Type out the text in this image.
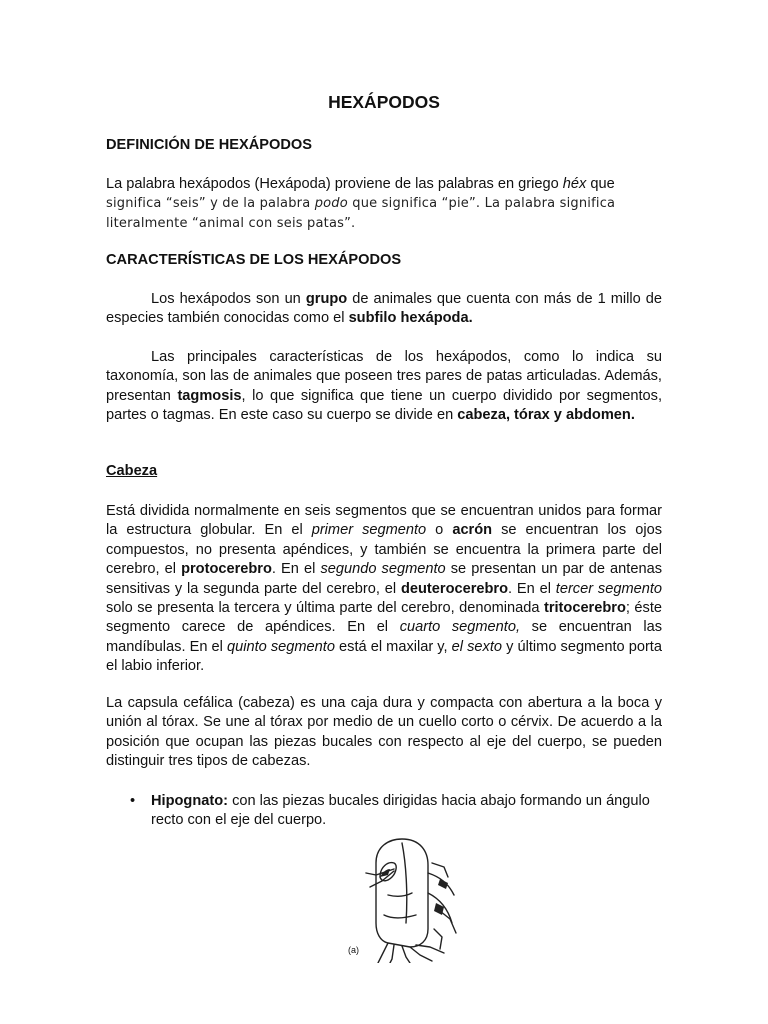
HEXÁPODOS
DEFINICIÓN DE HEXÁPODOS
La palabra hexápodos (Hexápoda) proviene de las palabras en griego héx que
significa “seis” y de la palabra podo que significa “pie”. La palabra significa
literalmente “animal con seis patas”.
CARACTERÍSTICAS DE LOS HEXÁPODOS
Los hexápodos son un grupo de animales que cuenta con más de 1 millo de especies también conocidas como el subfilo hexápoda.
Las principales características de los hexápodos, como lo indica su taxonomía, son las de animales que poseen tres pares de patas articuladas. Además, presentan tagmosis, lo que significa que tiene un cuerpo dividido por segmentos, partes o tagmas. En este caso su cuerpo se divide en cabeza, tórax y abdomen.
Cabeza
Está dividida normalmente en seis segmentos que se encuentran unidos para formar la estructura globular. En el primer segmento o acrón se encuentran los ojos compuestos, no presenta apéndices, y también se encuentra la primera parte del cerebro, el protocerebro. En el segundo segmento se presentan un par de antenas sensitivas y la segunda parte del cerebro, el deuterocerebro. En el tercer segmento solo se presenta la tercera y última parte del cerebro, denominada tritocerebro; éste segmento carece de apéndices. En el cuarto segmento, se encuentran las mandíbulas. En el quinto segmento está el maxilar y, el sexto y último segmento porta el labio inferior.
La capsula cefálica (cabeza) es una caja dura y compacta con abertura a la boca y unión al tórax. Se une al tórax por medio de un cuello corto o cérvix. De acuerdo a la posición que ocupan las piezas bucales con respecto al eje del cuerpo, se pueden distinguir tres tipos de cabezas.
• Hipognato: con las piezas bucales dirigidas hacia abajo formando un ángulo recto con el eje del cuerpo.
(a)
